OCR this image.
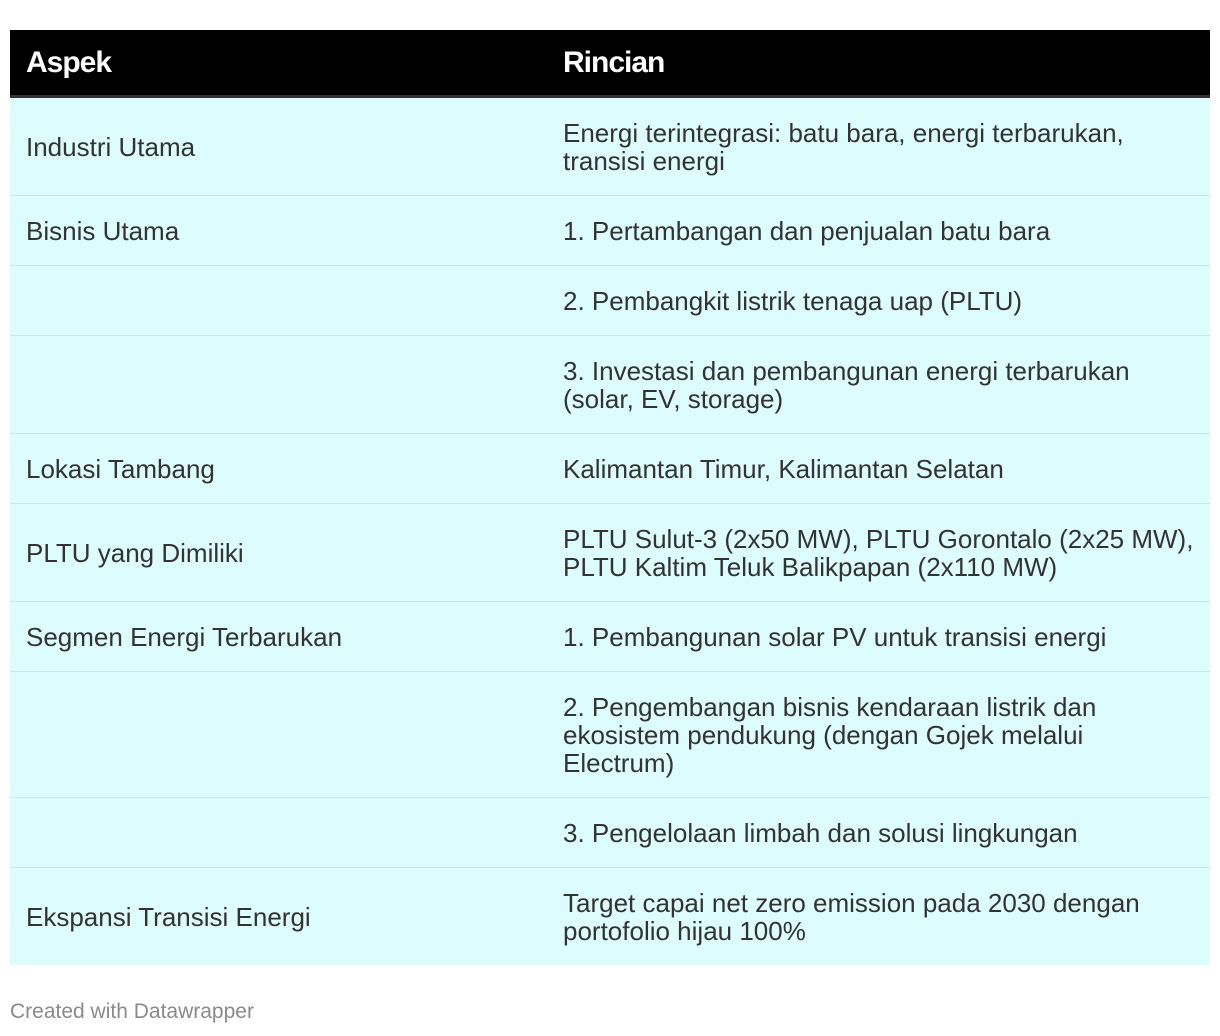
Aspek	Rincian
Industri Utama	Energi terintegrasi: batu bara, energi terbarukan, transisi energi
Bisnis Utama	1. Pertambangan dan penjualan batu bara
	2. Pembangkit listrik tenaga uap (PLTU)
	3. Investasi dan pembangunan energi terbarukan (solar, EV, storage)
Lokasi Tambang	Kalimantan Timur, Kalimantan Selatan
PLTU yang Dimiliki	PLTU Sulut-3 (2x50 MW), PLTU Gorontalo (2x25 MW), PLTU Kaltim Teluk Balikpapan (2x110 MW)
Segmen Energi Terbarukan	1. Pembangunan solar PV untuk transisi energi
	2. Pengembangan bisnis kendaraan listrik dan ekosistem pendukung (dengan Gojek melalui Electrum)
	3. Pengelolaan limbah dan solusi lingkungan
Ekspansi Transisi Energi	Target capai net zero emission pada 2030 dengan portofolio hijau 100%
Created with Datawrapper
